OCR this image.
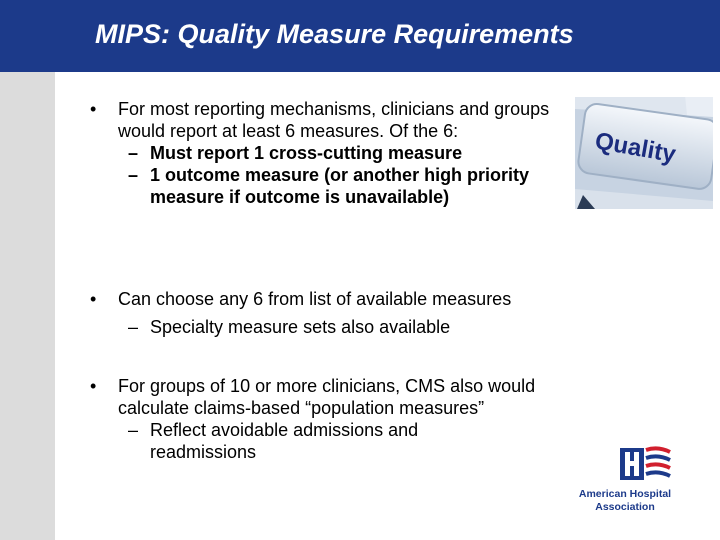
MIPS: Quality Measure Requirements
• For most reporting mechanisms, clinicians and groups would report at least 6 measures. Of the 6:
– Must report 1 cross-cutting measure
– 1 outcome measure (or another high priority measure if outcome is unavailable)
• Can choose any 6 from list of available measures
– Specialty measure sets also available
• For groups of 10 or more clinicians, CMS also would calculate claims-based “population measures”
– Reflect avoidable admissions and readmissions
Quality
American Hospital
Association
